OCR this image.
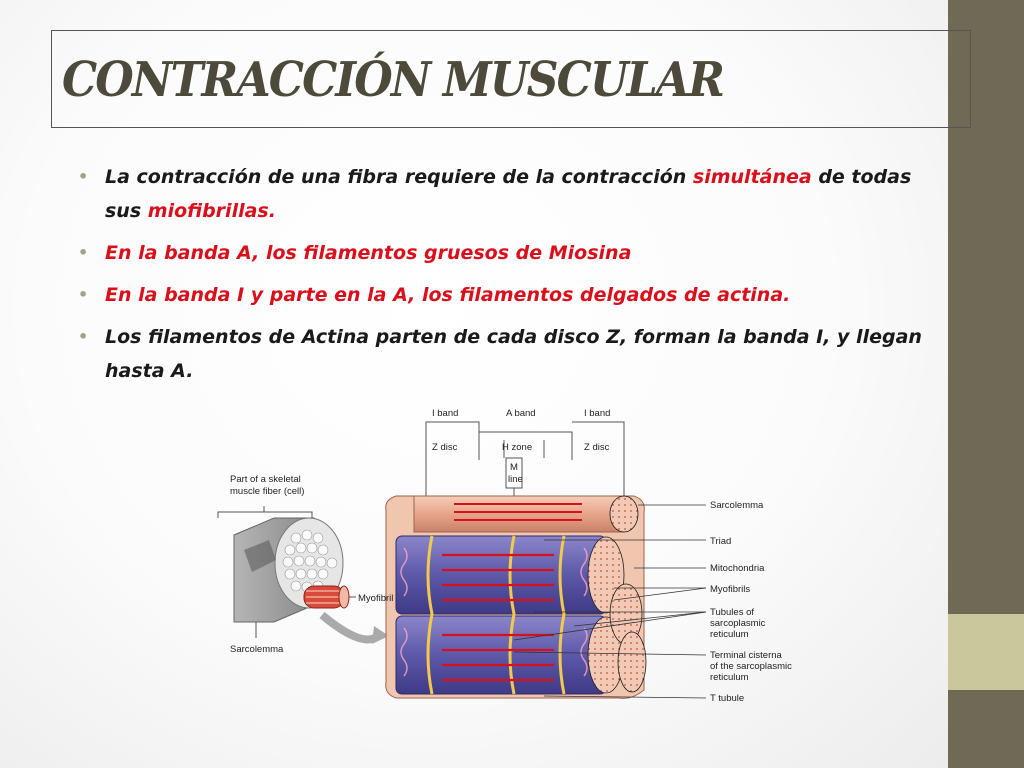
CONTRACCIÓN MUSCULAR
• La contracción de una fibra requiere de la contracción simultánea de todas sus miofibrillas.
• En la banda A, los filamentos gruesos de Miosina
• En la banda I y parte en la A, los filamentos delgados de actina.
• Los filamentos de Actina parten de cada disco Z, forman la banda I, y llegan hasta A.
I band	A band	I band
Z disc	H zone
M
line
Z disc
Part of a skeletal
muscle fiber (cell)
Myofibril
Sarcolemma
Sarcolemma
Triad
Mitochondria
Myofibrils
Tubules of
sarcoplasmic
reticulum
Terminal cisterna
of the sarcoplasmic
reticulum
T tubule
